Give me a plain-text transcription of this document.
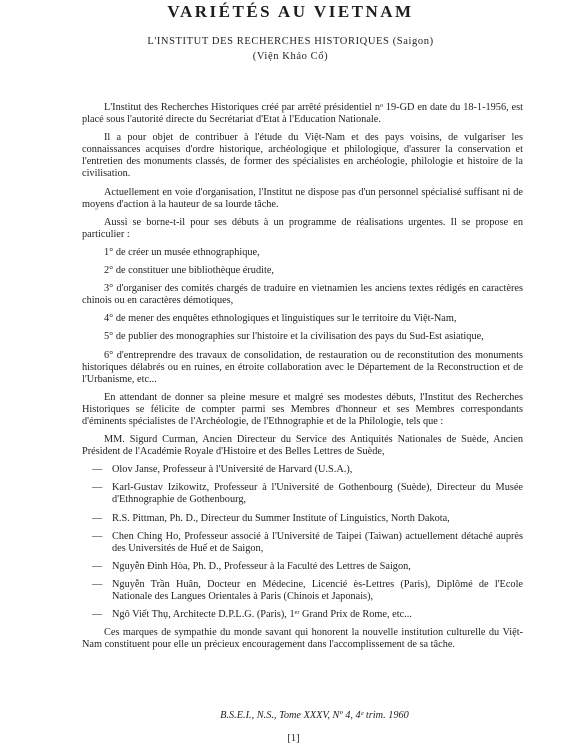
VARIÉTÉS AU VIETNAM
L'INSTITUT DES RECHERCHES HISTORIQUES (Saigon)
(Viện Khảo Cổ)

L'Institut des Recherches Historiques créé par arrêté présidentiel nᵒ 19-GD en date du 18-1-1956, est placé sous l'autorité directe du Secrétariat d'Etat à l'Education Nationale.

Il a pour objet de contribuer à l'étude du Việt-Nam et des pays voisins, de vulgariser les connaissances acquises d'ordre historique, archéologique et philologique, d'assurer la conservation et l'entretien des monuments classés, de former des spécialistes en archéologie, philologie et histoire de la civilisation.

Actuellement en voie d'organisation, l'Institut ne dispose pas d'un personnel spécialisé suffisant ni de moyens d'action à la hauteur de sa lourde tâche.

Aussi se borne-t-il pour ses débuts à un programme de réalisations urgentes. Il se propose en particulier :

1° de créer un musée ethnographique,

2° de constituer une bibliothèque érudite,

3° d'organiser des comités chargés de traduire en vietnamien les anciens textes rédigés en caractères chinois ou en caractères démotiques,

4° de mener des enquêtes ethnologiques et linguistiques sur le territoire du Việt-Nam,

5° de publier des monographies sur l'histoire et la civilisation des pays du Sud-Est asiatique,

6° d'entreprendre des travaux de consolidation, de restauration ou de reconstitution des monuments historiques délabrés ou en ruines, en étroite collaboration avec le Département de la Reconstruction et de l'Urbanisme, etc...

En attendant de donner sa pleine mesure et malgré ses modestes débuts, l'Institut des Recherches Historiques se félicite de compter parmi ses Membres d'honneur et ses Membres correspondants d'éminents spécialistes de l'Archéologie, de l'Ethnographie et de la Philologie, tels que :

MM. Sigurd Curman, Ancien Directeur du Service des Antiquités Nationales de Suède, Ancien Président de l'Académie Royale d'Histoire et des Belles Lettres de Suède,

— Olov Janse, Professeur à l'Université de Harvard (U.S.A.),

— Karl-Gustav Izikowitz, Professeur à l'Université de Gothenbourg (Suède), Directeur du Musée d'Ethnographie de Gothenbourg,

— R.S. Pittman, Ph. D., Directeur du Summer Institute of Linguistics, North Dakota,

— Chen Ching Ho, Professeur associé à l'Université de Taipei (Taiwan) actuellement détaché auprès des Universités de Huế et de Saigon,

— Nguyễn Đình Hòa, Ph. D., Professeur à la Faculté des Lettres de Saigon,

— Nguyễn Trần Huân, Docteur en Médecine, Licencié ès-Lettres (Paris), Diplômé de l'Ecole Nationale des Langues Orientales à Paris (Chinois et Japonais),

— Ngô Viết Thụ, Architecte D.P.L.G. (Paris), 1ᵉʳ Grand Prix de Rome, etc...

Ces marques de sympathie du monde savant qui honorent la nouvelle institution culturelle du Việt-Nam constituent pour elle un précieux encouragement dans l'accomplissement de sa tâche.

B.S.E.I., N.S., Tome XXXV, Nº 4, 4ᵉ trim. 1960
[1]
